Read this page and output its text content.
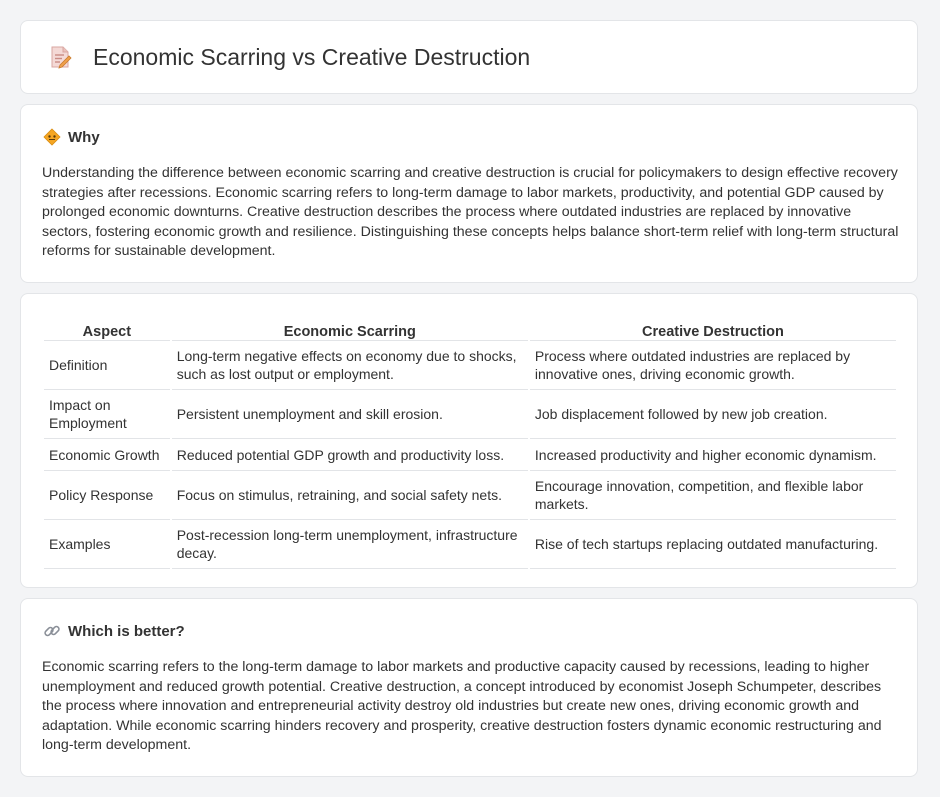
Economic Scarring vs Creative Destruction
Why

Understanding the difference between economic scarring and creative destruction is crucial for policymakers to design effective recovery strategies after recessions. Economic scarring refers to long-term damage to labor markets, productivity, and potential GDP caused by prolonged economic downturns. Creative destruction describes the process where outdated industries are replaced by innovative sectors, fostering economic growth and resilience. Distinguishing these concepts helps balance short-term relief with long-term structural reforms for sustainable development.

Aspect	Economic Scarring	Creative Destruction
Definition	Long-term negative effects on economy due to shocks, such as lost output or employment.	Process where outdated industries are replaced by innovative ones, driving economic growth.
Impact on Employment	Persistent unemployment and skill erosion.	Job displacement followed by new job creation.
Economic Growth	Reduced potential GDP growth and productivity loss.	Increased productivity and higher economic dynamism.
Policy Response	Focus on stimulus, retraining, and social safety nets.	Encourage innovation, competition, and flexible labor markets.
Examples	Post-recession long-term unemployment, infrastructure decay.	Rise of tech startups replacing outdated manufacturing.
Which is better?

Economic scarring refers to the long-term damage to labor markets and productive capacity caused by recessions, leading to higher unemployment and reduced growth potential. Creative destruction, a concept introduced by economist Joseph Schumpeter, describes the process where innovation and entrepreneurial activity destroy old industries but create new ones, driving economic growth and adaptation. While economic scarring hinders recovery and prosperity, creative destruction fosters dynamic economic restructuring and long-term development.
